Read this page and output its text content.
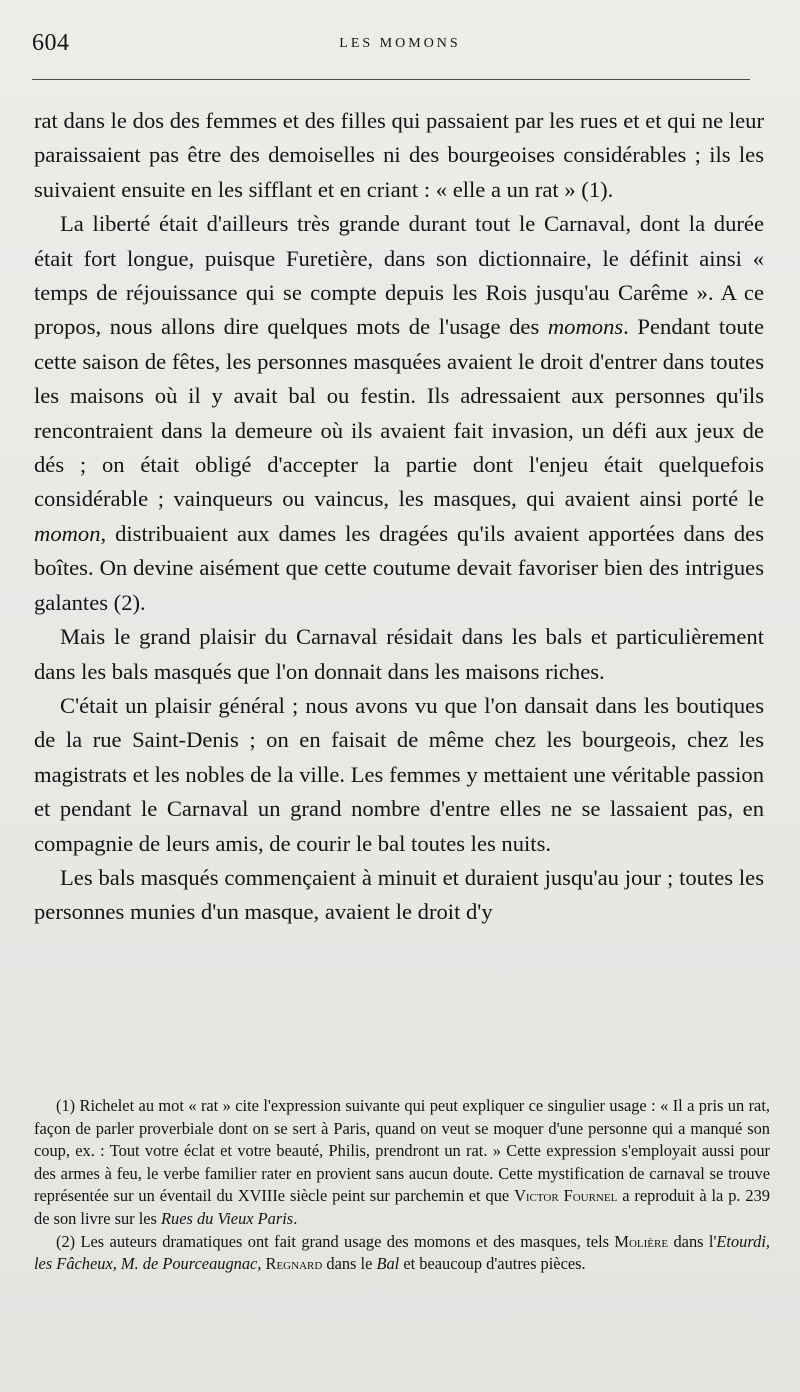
604	LES MOMONS

rat dans le dos des femmes et des filles qui passaient par les rues et et qui ne leur paraissaient pas être des demoiselles ni des bourgeoises considérables ; ils les suivaient ensuite en les sifflant et en criant : « elle a un rat » (1).

La liberté était d'ailleurs très grande durant tout le Carnaval, dont la durée était fort longue, puisque Furetière, dans son dictionnaire, le définit ainsi « temps de réjouissance qui se compte depuis les Rois jusqu'au Carême ». A ce propos, nous allons dire quelques mots de l'usage des momons. Pendant toute cette saison de fêtes, les personnes masquées avaient le droit d'entrer dans toutes les maisons où il y avait bal ou festin. Ils adressaient aux personnes qu'ils rencontraient dans la demeure où ils avaient fait invasion, un défi aux jeux de dés ; on était obligé d'accepter la partie dont l'enjeu était quelquefois considérable ; vainqueurs ou vaincus, les masques, qui avaient ainsi porté le momon, distribuaient aux dames les dragées qu'ils avaient apportées dans des boîtes. On devine aisément que cette coutume devait favoriser bien des intrigues galantes (2).

Mais le grand plaisir du Carnaval résidait dans les bals et particulièrement dans les bals masqués que l'on donnait dans les maisons riches.

C'était un plaisir général ; nous avons vu que l'on dansait dans les boutiques de la rue Saint-Denis ; on en faisait de même chez les bourgeois, chez les magistrats et les nobles de la ville. Les femmes y mettaient une véritable passion et pendant le Carnaval un grand nombre d'entre elles ne se lassaient pas, en compagnie de leurs amis, de courir le bal toutes les nuits.

Les bals masqués commençaient à minuit et duraient jusqu'au jour ; toutes les personnes munies d'un masque, avaient le droit d'y

(1) Richelet au mot « rat » cite l'expression suivante qui peut expliquer ce singulier usage : « Il a pris un rat, façon de parler proverbiale dont on se sert à Paris, quand on veut se moquer d'une personne qui a manqué son coup, ex. : Tout votre éclat et votre beauté, Philis, prendront un rat. » Cette expression s'employait aussi pour des armes à feu, le verbe familier rater en provient sans aucun doute. Cette mystification de carnaval se trouve représentée sur un éventail du XVIIIe siècle peint sur parchemin et que Victor Fournel a reproduit à la p. 239 de son livre sur les Rues du Vieux Paris.

(2) Les auteurs dramatiques ont fait grand usage des momons et des masques, tels Molière dans l'Etourdi, les Fâcheux, M. de Pourceaugnac, Regnard dans le Bal et beaucoup d'autres pièces.
